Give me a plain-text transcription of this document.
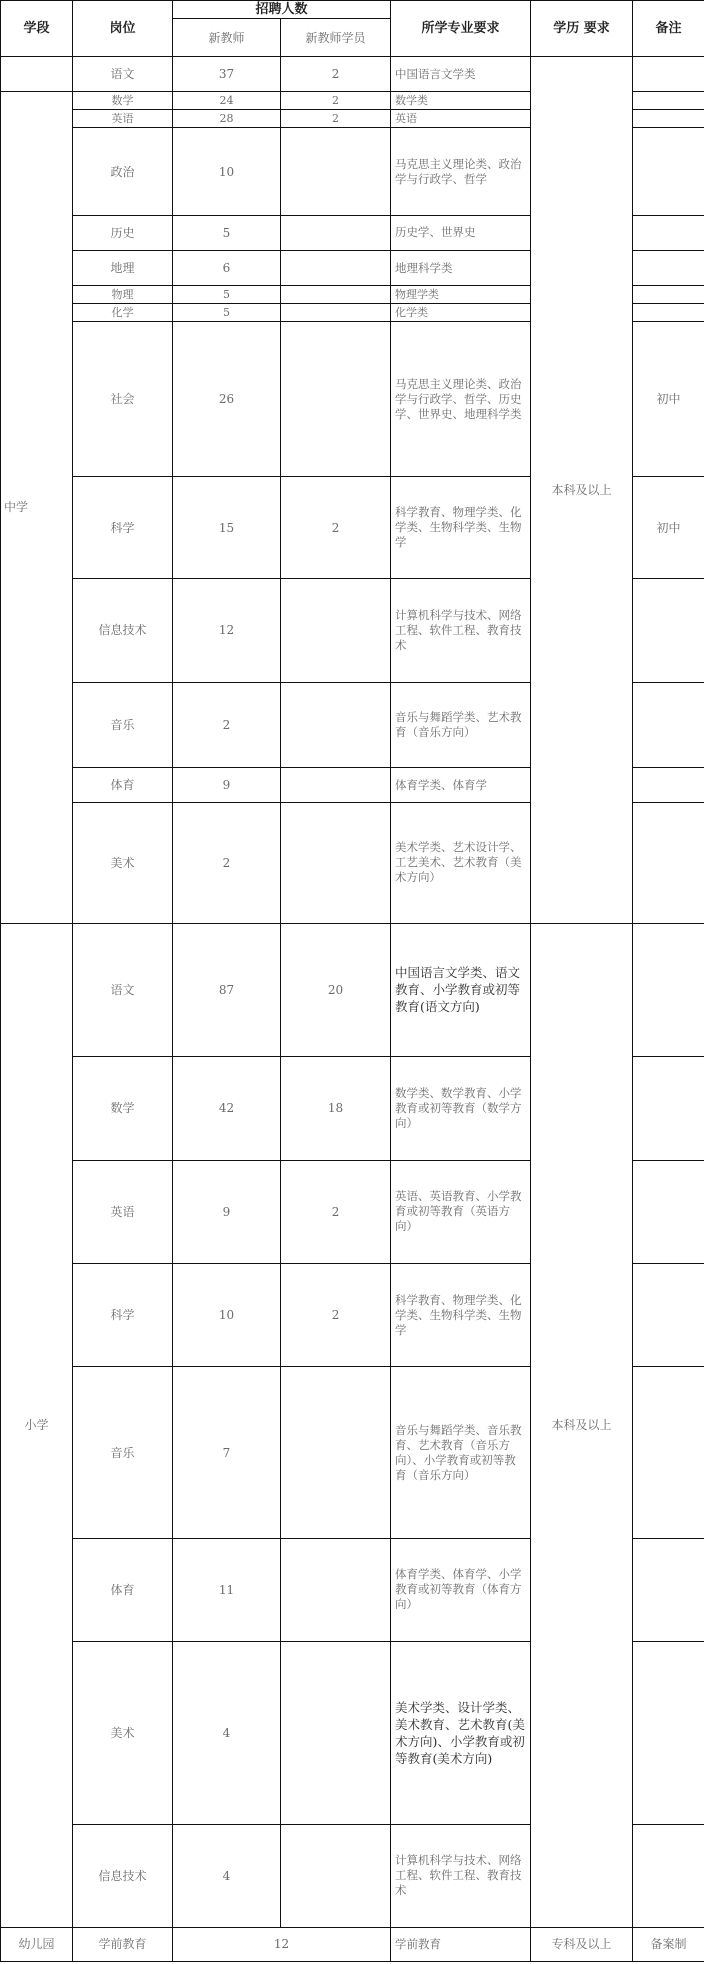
学段	岗位	招聘人数		所学专业要求	学历 要求	备注
		新教师	新教师学员			
	语文	37	2	中国语言文学类	本科及以上	
中学	数学	24	2	数学类		
	英语	28	2	英语		
	政治	10		马克思主义理论类、政治学与行政学、哲学		
	历史	5		历史学、世界史		
	地理	6		地理科学类		
	物理	5		物理学类		
	化学	5		化学类		
	社会	26		马克思主义理论类、政治学与行政学、哲学、历史学、世界史、地理科学类		初中
	科学	15	2	科学教育、物理学类、化学类、生物科学类、生物学		初中
	信息技术	12		计算机科学与技术、网络工程、软件工程、教育技术		
	音乐	2		音乐与舞蹈学类、艺术教育（音乐方向）		
	体育	9		体育学类、体育学		
	美术	2		美术学类、艺术设计学、工艺美术、艺术教育（美术方向）		
小学	语文	87	20	中国语言文学类、语文教育、小学教育或初等教育(语文方向)	本科及以上	
	数学	42	18	数学类、数学教育、小学教育或初等教育（数学方向）		
	英语	9	2	英语、英语教育、小学教育或初等教育（英语方向）		
	科学	10	2	科学教育、物理学类、化学类、生物科学类、生物学		
	音乐	7		音乐与舞蹈学类、音乐教育、艺术教育（音乐方向）、小学教育或初等教育（音乐方向）		
	体育	11		体育学类、体育学、小学教育或初等教育（体育方向）		
	美术	4		美术学类、设计学类、美术教育、艺术教育(美术方向)、小学教育或初等教育(美术方向)		
	信息技术	4		计算机科学与技术、网络工程、软件工程、教育技术		
幼儿园	学前教育	12		学前教育	专科及以上	备案制
